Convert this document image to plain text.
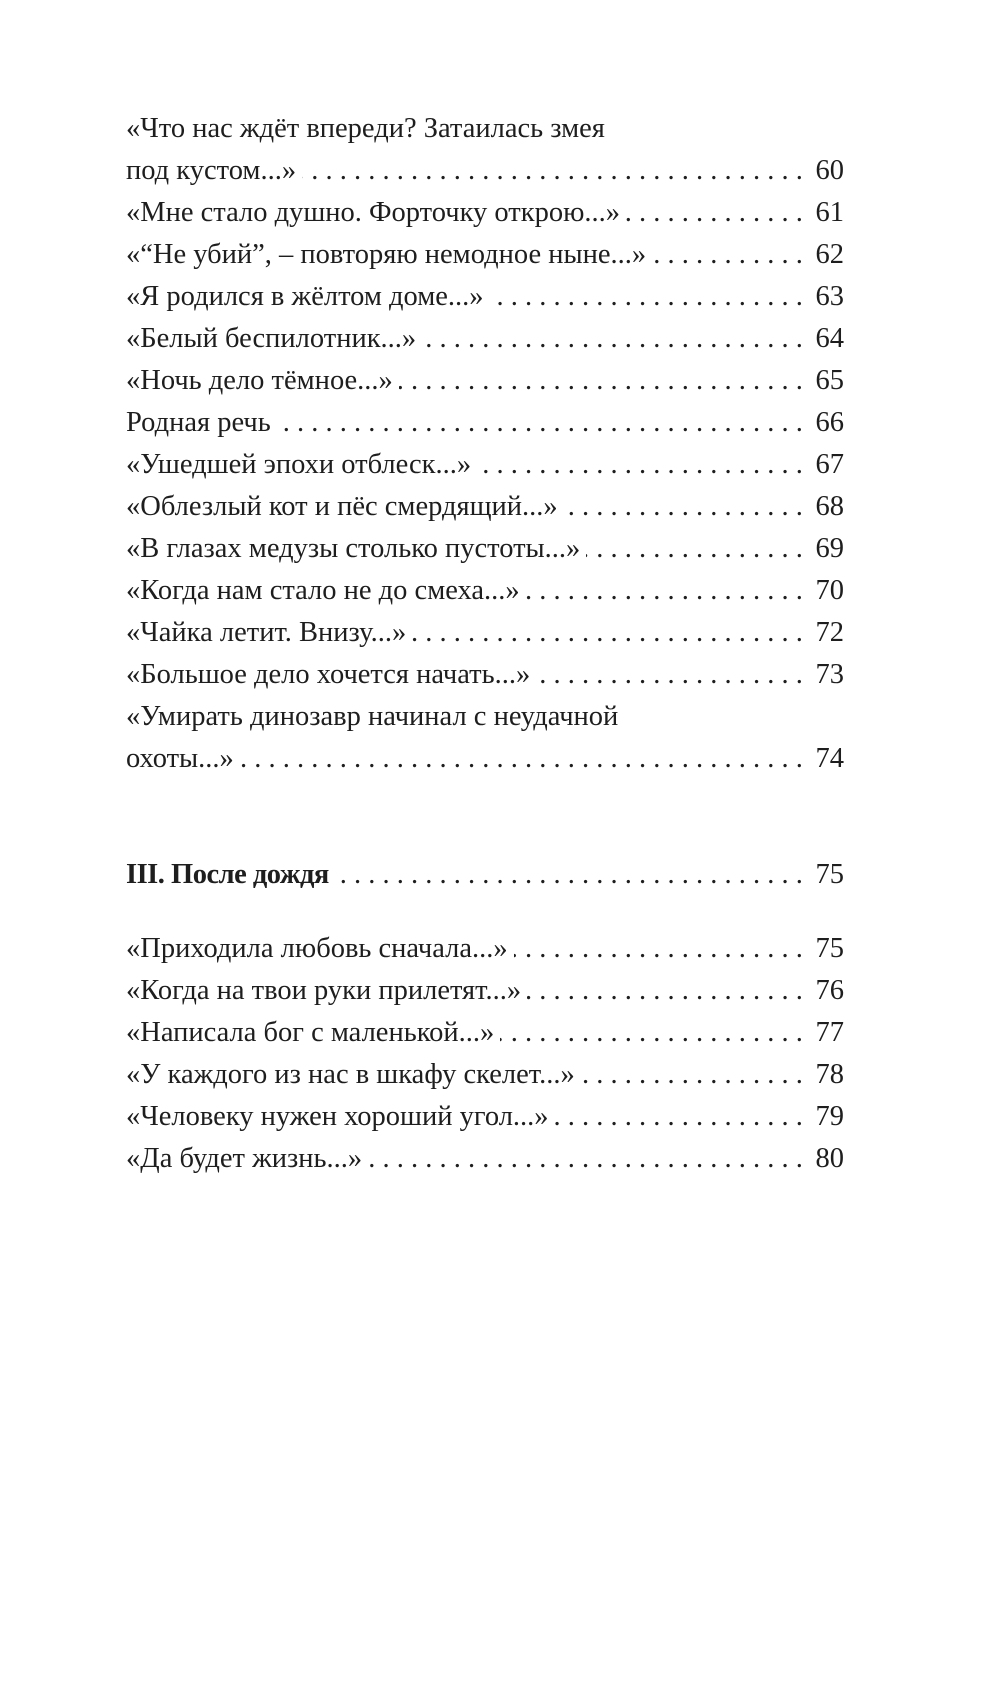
«Что нас ждёт впереди? Затаилась змея
. . .
под кустом...»	60
. . .
«Мне стало душно. Форточку открою...»	61
. . .
«“Не убий”, – повторяю немодное ныне...»	62
. . .
«Я родился в жёлтом доме...»	63
. . .
«Белый беспилотник...»	64
. . .
«Ночь дело тёмное...»	65
. . .
Родная речь	66
. . .
«Ушедшей эпохи отблеск...»	67
. . .
«Облезлый кот и пёс смердящий...»	68
. . .
«В глазах медузы столько пустоты...»	69
. . .
«Когда нам стало не до смеха...»	70
. . .
«Чайка летит. Внизу...»	72
. . .
«Большое дело хочется начать...»	73
«Умирать динозавр начинал с неудачной
. . .
охоты...»	74
. . .
III. После дождя	75
. . .
«Приходила любовь сначала...»	75
. . .
«Когда на твои руки прилетят...»	76
. . .
«Написала бог с маленькой...»	77
. . .
«У каждого из нас в шкафу скелет...»	78
. . .
«Человеку нужен хороший угол...»	79
. . .
«Да будет жизнь...»	80
